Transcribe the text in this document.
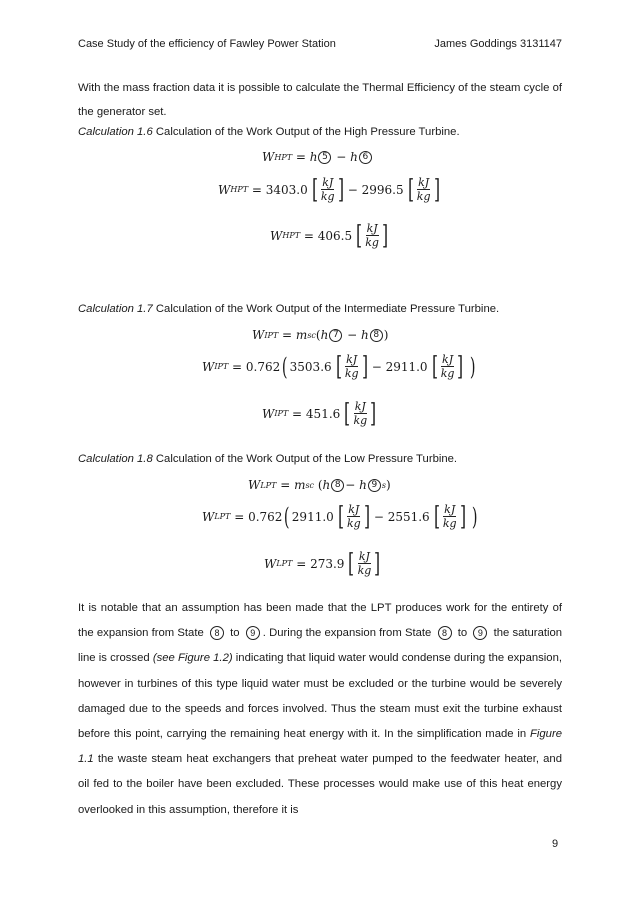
Case Study of the efficiency of Fawley Power Station	James Goddings 3131147
With the mass fraction data it is possible to calculate the Thermal Efficiency of the steam cycle of the generator set.
Calculation 1.6 Calculation of the Work Output of the High Pressure Turbine.
W HPT = h 5 − h 6
W HPT = 3403.0 [ $\frac{kJ}{kg}$ ] − 2996.5 [ $\frac{kJ}{kg}$ ]
W HPT = 406.5 [ $\frac{kJ}{kg}$ ]
Calculation 1.7 Calculation of the Work Output of the Intermediate Pressure Turbine.
W IPT = m sc ( h 7 − h 8 )
W IPT = 0.762 ( 3503.6 [ $\frac{kJ}{kg}$ ] − 2911.0 [ $\frac{kJ}{kg}$ ] )
W IPT = 451.6 [ $\frac{kJ}{kg}$ ]
Calculation 1.8 Calculation of the Work Output of the Low Pressure Turbine.
W LPT = m sc ( h 8 − h 9 s )
W LPT = 0.762 ( 2911.0 [ $\frac{kJ}{kg}$ ] − 2551.6 [ $\frac{kJ}{kg}$ ] )
W LPT = 273.9 [ $\frac{kJ}{kg}$ ]
It is notable that an assumption has been made that the LPT produces work for the entirety of the expansion from State 8 to 9 . During the expansion from State 8 to 9 the saturation line is crossed (see Figure 1.2) indicating that liquid water would condense during the expansion, however in turbines of this type liquid water must be excluded or the turbine would be severely damaged due to the speeds and forces involved. Thus the steam must exit the turbine exhaust before this point, carrying the remaining heat energy with it. In the simplification made in Figure 1.1 the waste steam heat exchangers that preheat water pumped to the feedwater heater, and oil fed to the boiler have been excluded. These processes would make use of this heat energy overlooked in this assumption, therefore it is
9
